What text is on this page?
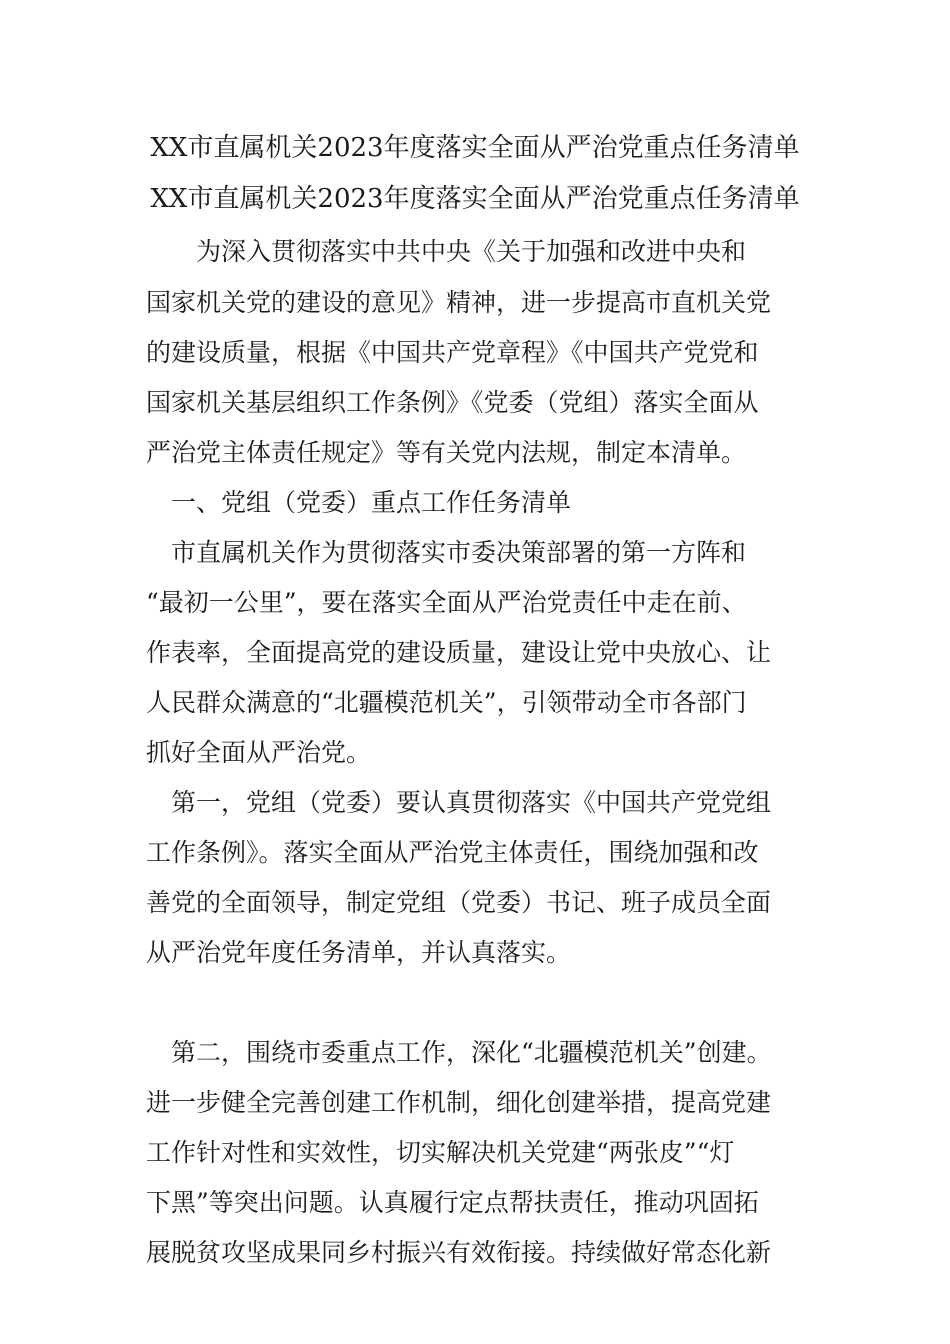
XX市直属机关2023年度落实全面从严治党重点任务清单
XX市直属机关2023年度落实全面从严治党重点任务清单
　　为深入贯彻落实中共中央《关于加强和改进中央和
国家机关党的建设的意见》精神，进一步提高市直机关党
的建设质量，根据《中国共产党章程》《中国共产党党和
国家机关基层组织工作条例》《党委（党组）落实全面从
严治党主体责任规定》等有关党内法规，制定本清单。
　一、党组（党委）重点工作任务清单
　市直属机关作为贯彻落实市委决策部署的第一方阵和
“最初一公里”，要在落实全面从严治党责任中走在前、
作表率，全面提高党的建设质量，建设让党中央放心、让
人民群众满意的“北疆模范机关”，引领带动全市各部门
抓好全面从严治党。
　第一，党组（党委）要认真贯彻落实《中国共产党党组
工作条例》。落实全面从严治党主体责任，围绕加强和改
善党的全面领导，制定党组（党委）书记、班子成员全面
从严治党年度任务清单，并认真落实。
　第二，围绕市委重点工作，深化“北疆模范机关”创建。
进一步健全完善创建工作机制，细化创建举措，提高党建
工作针对性和实效性，切实解决机关党建“两张皮”“灯
下黑”等突出问题。认真履行定点帮扶责任，推动巩固拓
展脱贫攻坚成果同乡村振兴有效衔接。持续做好常态化新
